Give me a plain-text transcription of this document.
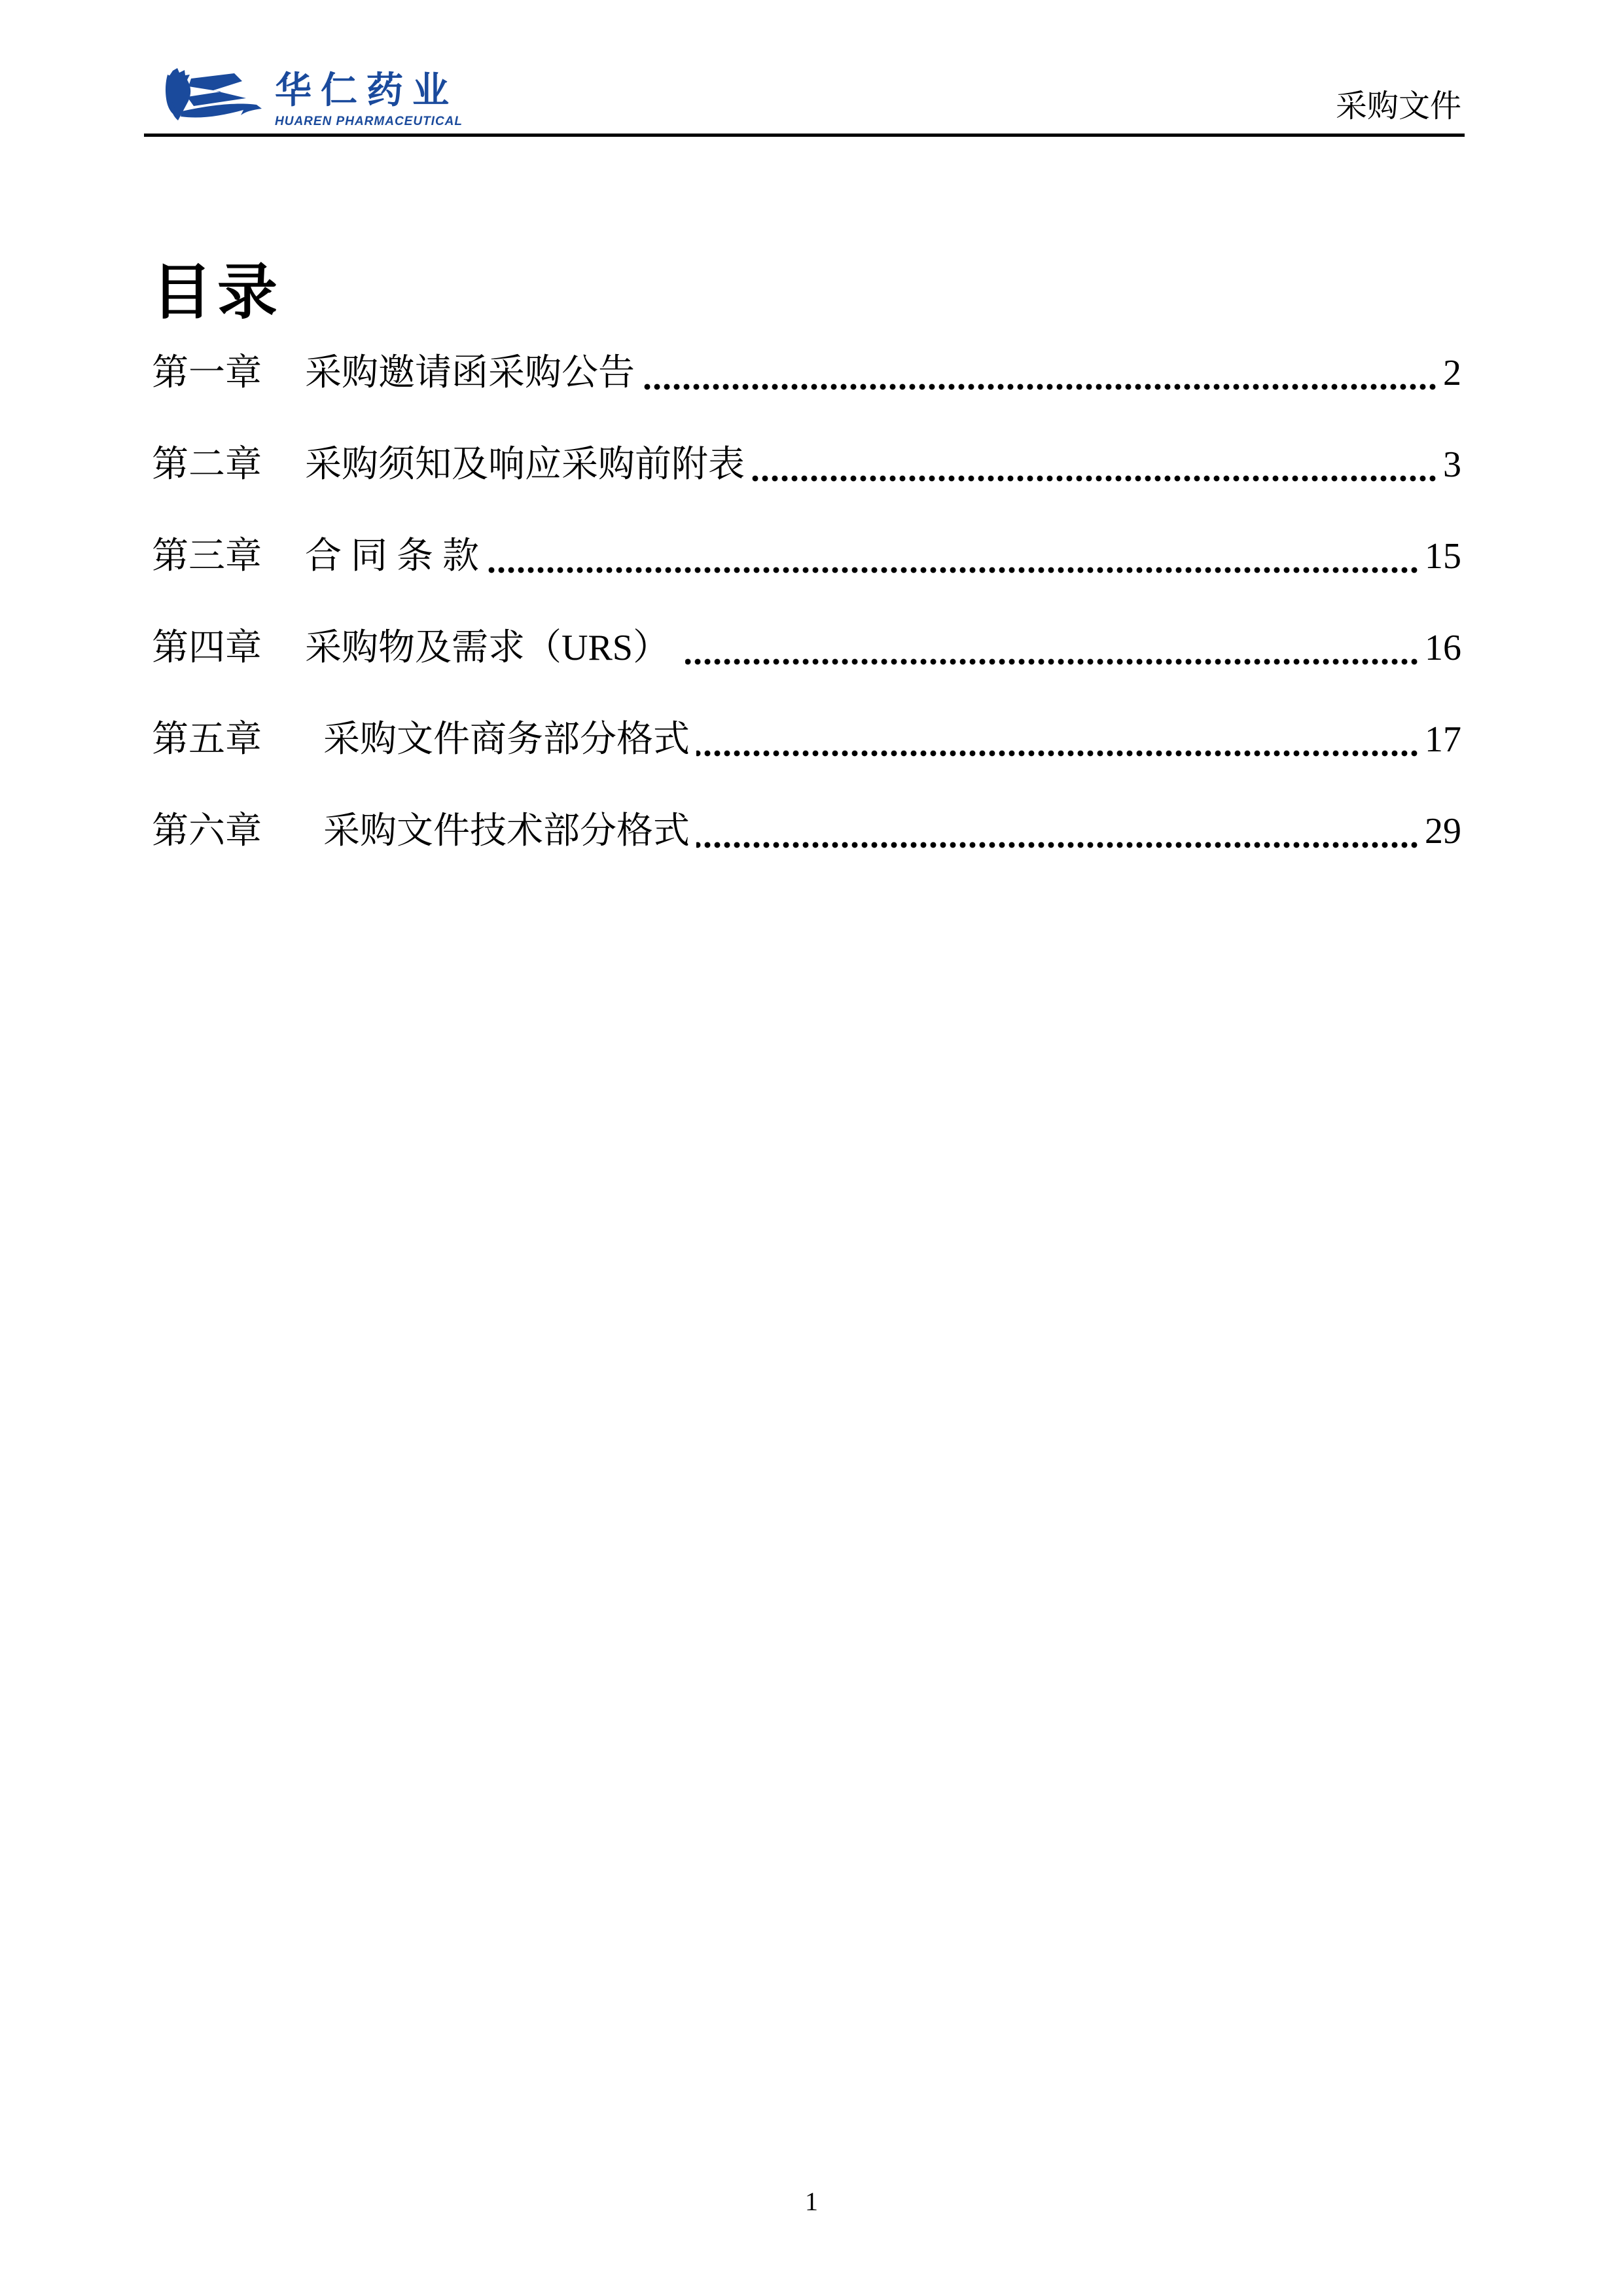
华仁药业
HUAREN PHARMACEUTICAL	采购文件
目录
第一章 采购邀请函采购公告	2
第二章 采购须知及响应采购前附表	3
第三章 合 同 条 款	15
第四章 采购物及需求（URS）	16
第五章 采购文件商务部分格式	17
第六章 采购文件技术部分格式	29
1
